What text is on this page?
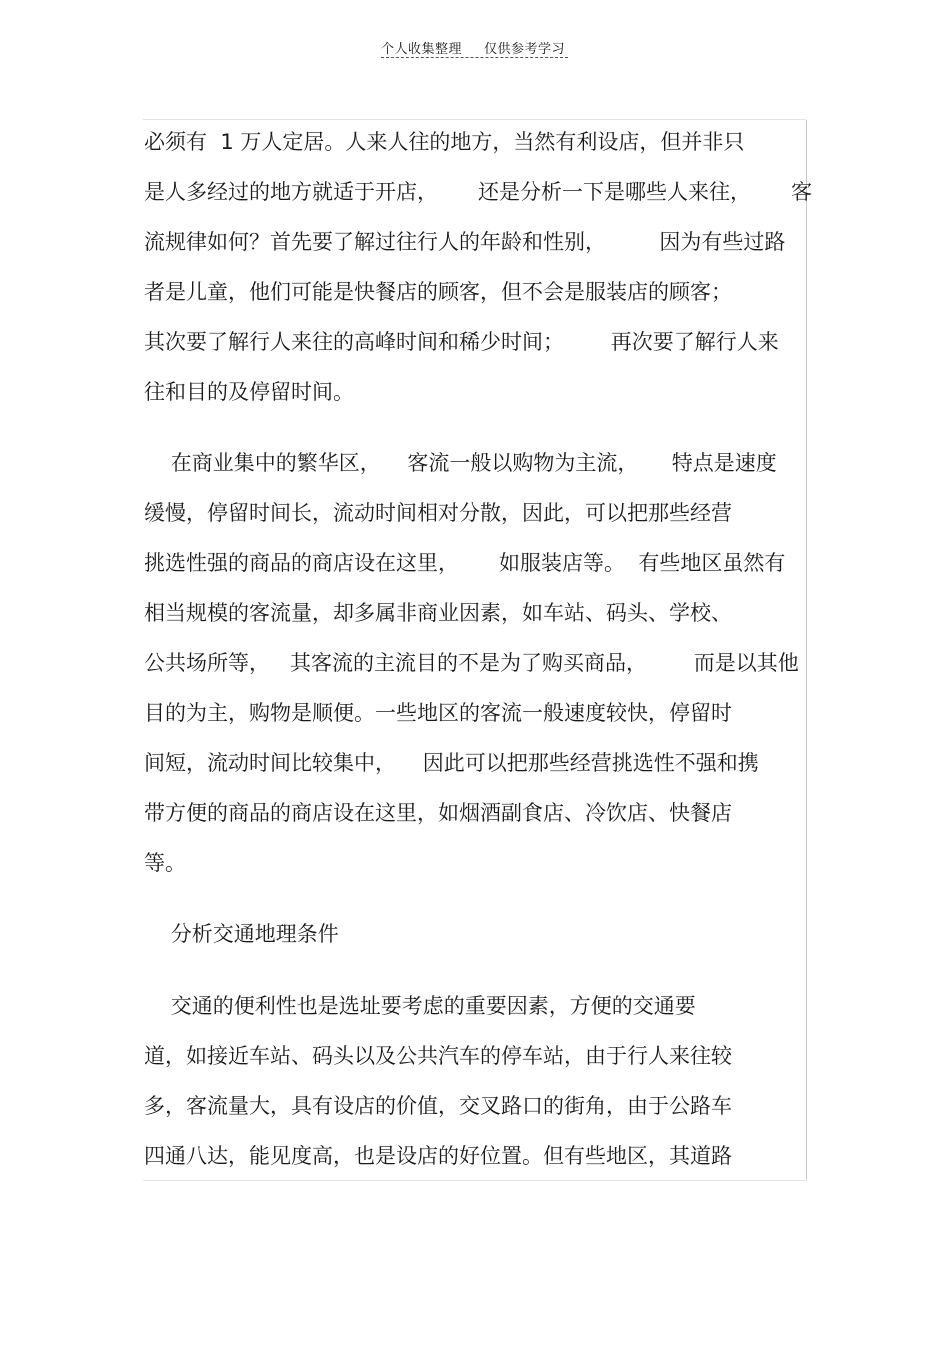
个人收集整理 仅供参考学习
必须有  1 万人定居。人来人往的地方，当然有利设店，但并非只
是人多经过的地方就适于开店，      还是分析一下是哪些人来往，      客
流规律如何？首先要了解过往行人的年龄和性别，        因为有些过路
者是儿童，他们可能是快餐店的顾客，但不会是服装店的顾客；
其次要了解行人来往的高峰时间和稀少时间；       再次要了解行人来
往和目的及停留时间。
在商业集中的繁华区，    客流一般以购物为主流，     特点是速度
缓慢，停留时间长，流动时间相对分散，因此，可以把那些经营
挑选性强的商品的商店设在这里，      如服装店等。  有些地区虽然有
相当规模的客流量，却多属非商业因素，如车站、码头、学校、
公共场所等，   其客流的主流目的不是为了购买商品，       而是以其他
目的为主，购物是顺便。一些地区的客流一般速度较快，停留时
间短，流动时间比较集中，    因此可以把那些经营挑选性不强和携
带方便的商品的商店设在这里，如烟酒副食店、冷饮店、快餐店
等。
分析交通地理条件
交通的便利性也是选址要考虑的重要因素，方便的交通要
道，如接近车站、码头以及公共汽车的停车站，由于行人来往较
多，客流量大，具有设店的价值，交叉路口的街角，由于公路车
四通八达，能见度高，也是设店的好位置。但有些地区，其道路
